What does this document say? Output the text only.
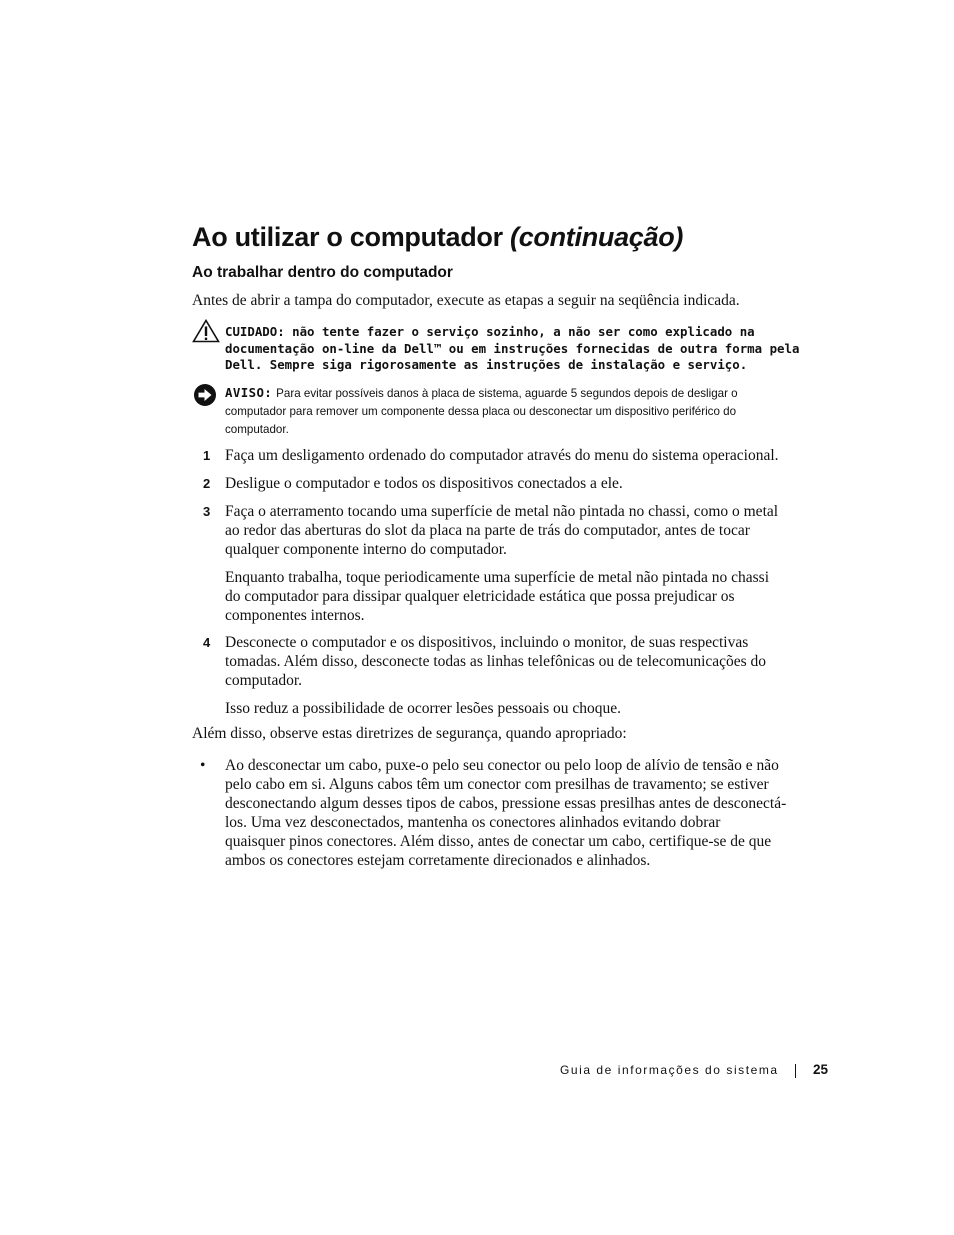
Ao utilizar o computador (continuação)
Ao trabalhar dentro do computador

Antes de abrir a tampa do computador, execute as etapas a seguir na seqüência indicada.

CUIDADO: não tente fazer o serviço sozinho, a não ser como explicado na
documentação on-line da Dell™ ou em instruções fornecidas de outra forma pela
Dell. Sempre siga rigorosamente as instruções de instalação e serviço.
AVISO: Para evitar possíveis danos à placa de sistema, aguarde 5 segundos depois de desligar o
computador para remover um componente dessa placa ou desconectar um dispositivo periférico do
computador.
1 Faça um desligamento ordenado do computador através do menu do sistema operacional.
2 Desligue o computador e todos os dispositivos conectados a ele.
3 Faça o aterramento tocando uma superfície de metal não pintada no chassi, como o metal
ao redor das aberturas do slot da placa na parte de trás do computador, antes de tocar
qualquer componente interno do computador.
Enquanto trabalha, toque periodicamente uma superfície de metal não pintada no chassi
do computador para dissipar qualquer eletricidade estática que possa prejudicar os
componentes internos.
4 Desconecte o computador e os dispositivos, incluindo o monitor, de suas respectivas
tomadas. Além disso, desconecte todas as linhas telefônicas ou de telecomunicações do
computador.
Isso reduz a possibilidade de ocorrer lesões pessoais ou choque.

Além disso, observe estas diretrizes de segurança, quando apropriado:

• Ao desconectar um cabo, puxe-o pelo seu conector ou pelo loop de alívio de tensão e não
pelo cabo em si. Alguns cabos têm um conector com presilhas de travamento; se estiver
desconectando algum desses tipos de cabos, pressione essas presilhas antes de desconectá-
los. Uma vez desconectados, mantenha os conectores alinhados evitando dobrar
quaisquer pinos conectores. Além disso, antes de conectar um cabo, certifique-se de que
ambos os conectores estejam corretamente direcionados e alinhados.
Guia de informações do sistema	25
